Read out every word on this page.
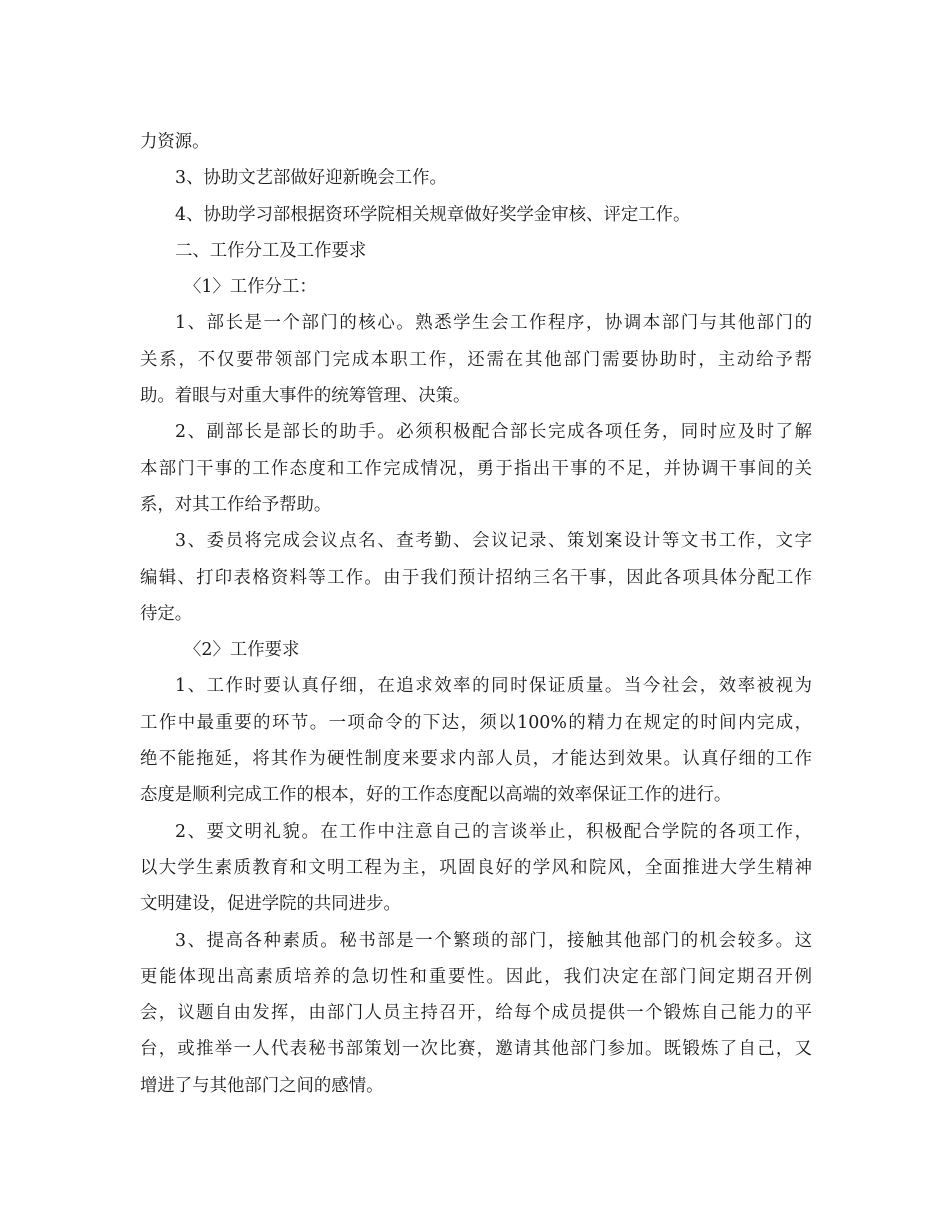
力资源。
3、协助文艺部做好迎新晚会工作。
4、协助学习部根据资环学院相关规章做好奖学金审核、评定工作。
二、工作分工及工作要求
〈1〉工作分工：
1、部长是一个部门的核心。熟悉学生会工作程序，协调本部门与其他部门的
关系，不仅要带领部门完成本职工作，还需在其他部门需要协助时，主动给予帮
助。着眼与对重大事件的统筹管理、决策。
2、副部长是部长的助手。必须积极配合部长完成各项任务，同时应及时了解
本部门干事的工作态度和工作完成情况，勇于指出干事的不足，并协调干事间的关
系，对其工作给予帮助。
3、委员将完成会议点名、查考勤、会议记录、策划案设计等文书工作，文字
编辑、打印表格资料等工作。由于我们预计招纳三名干事，因此各项具体分配工作
待定。
〈2〉工作要求
1、工作时要认真仔细，在追求效率的同时保证质量。当今社会，效率被视为
工作中最重要的环节。一项命令的下达，须以100%的精力在规定的时间内完成，
绝不能拖延，将其作为硬性制度来要求内部人员，才能达到效果。认真仔细的工作
态度是顺利完成工作的根本，好的工作态度配以高端的效率保证工作的进行。
2、要文明礼貌。在工作中注意自己的言谈举止，积极配合学院的各项工作，
以大学生素质教育和文明工程为主，巩固良好的学风和院风，全面推进大学生精神
文明建设，促进学院的共同进步。
3、提高各种素质。秘书部是一个繁琐的部门，接触其他部门的机会较多。这
更能体现出高素质培养的急切性和重要性。因此，我们决定在部门间定期召开例
会，议题自由发挥，由部门人员主持召开，给每个成员提供一个锻炼自己能力的平
台，或推举一人代表秘书部策划一次比赛，邀请其他部门参加。既锻炼了自己，又
增进了与其他部门之间的感情。
